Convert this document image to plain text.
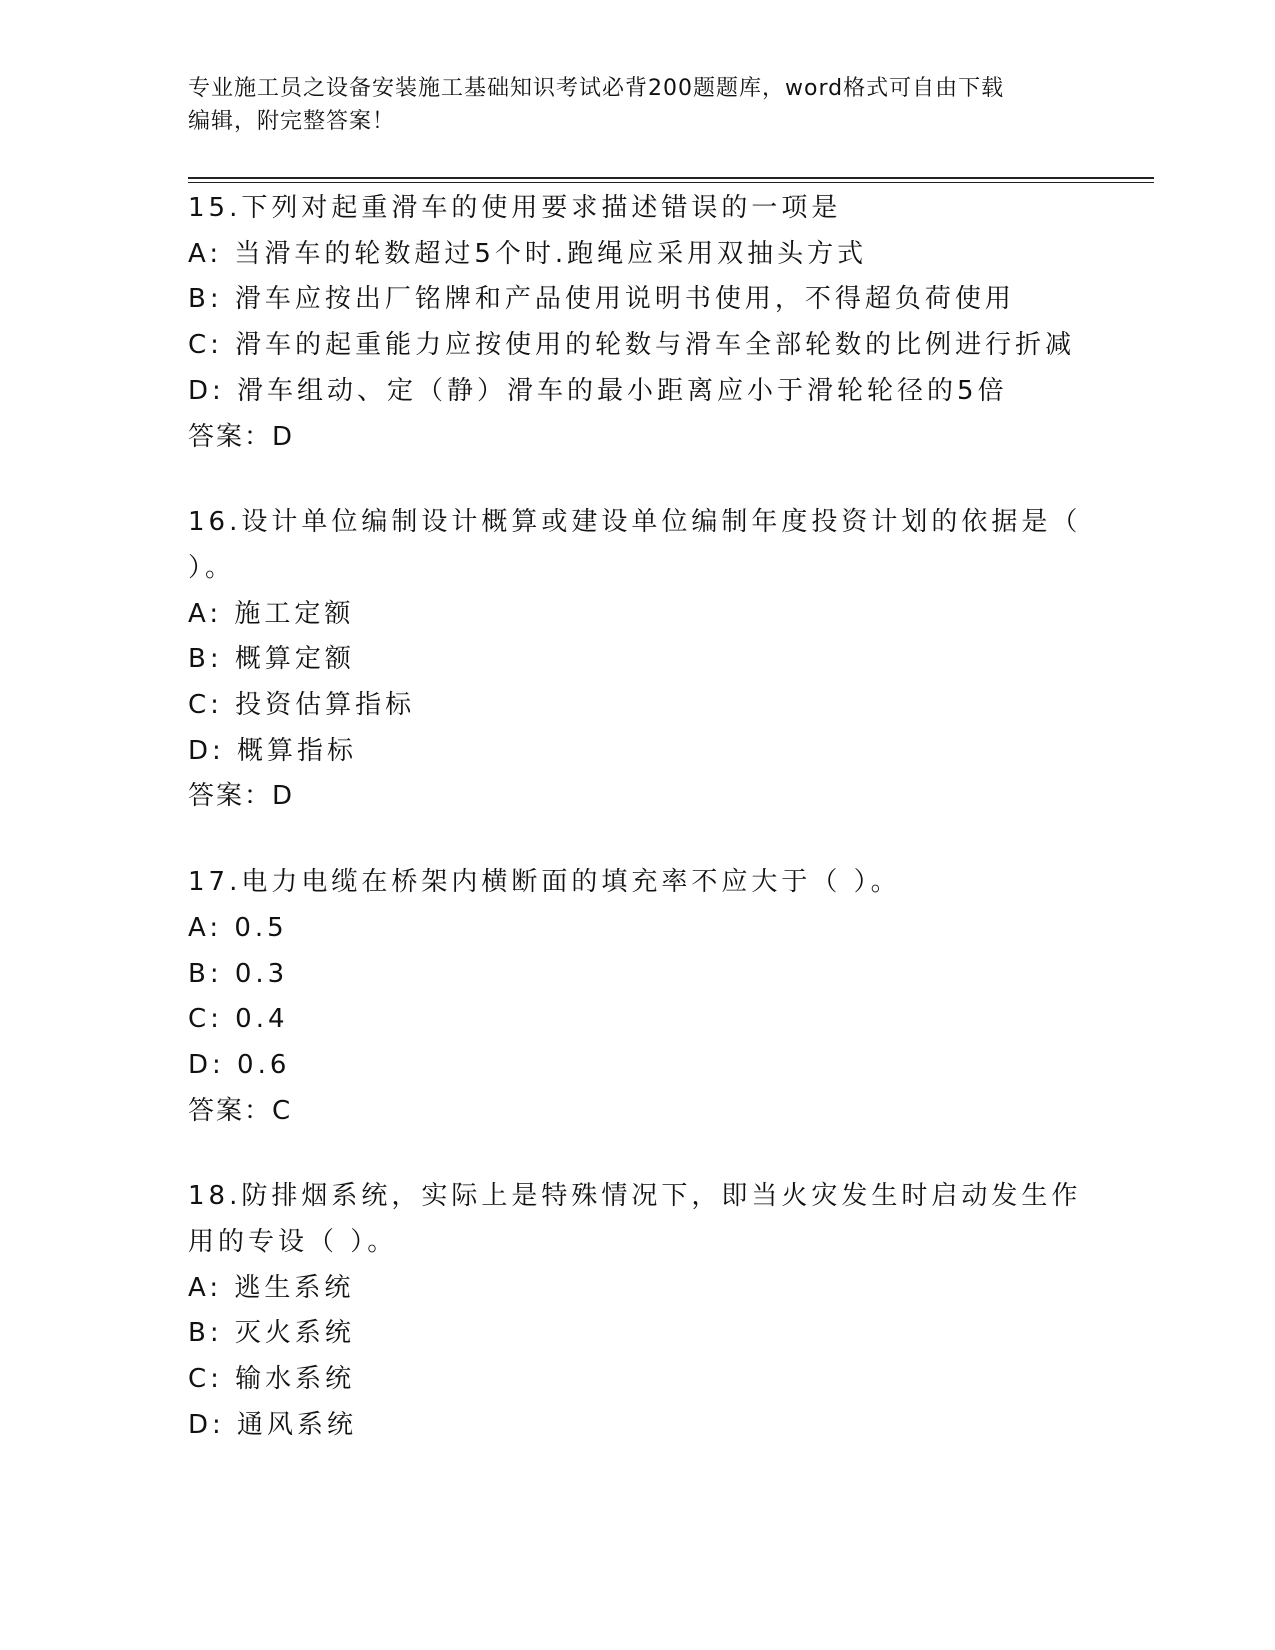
专业施工员之设备安装施工基础知识考试必背200题题库，word格式可自由下载
编辑，附完整答案！

15.下列对起重滑车的使用要求描述错误的一项是

A: 当滑车的轮数超过5个时.跑绳应采用双抽头方式

B: 滑车应按出厂铭牌和产品使用说明书使用，不得超负荷使用

C: 滑车的起重能力应按使用的轮数与滑车全部轮数的比例进行折减

D: 滑车组动、定（静）滑车的最小距离应小于滑轮轮径的5倍

答案：D

16.设计单位编制设计概算或建设单位编制年度投资计划的依据是（ ）。

A: 施工定额

B: 概算定额

C: 投资估算指标

D: 概算指标

答案：D

17.电力电缆在桥架内横断面的填充率不应大于（ ）。

A: 0.5

B: 0.3

C: 0.4

D: 0.6

答案：C

18.防排烟系统，实际上是特殊情况下，即当火灾发生时启动发生作用的专设（ ）。

A: 逃生系统

B: 灭火系统

C: 输水系统

D: 通风系统
